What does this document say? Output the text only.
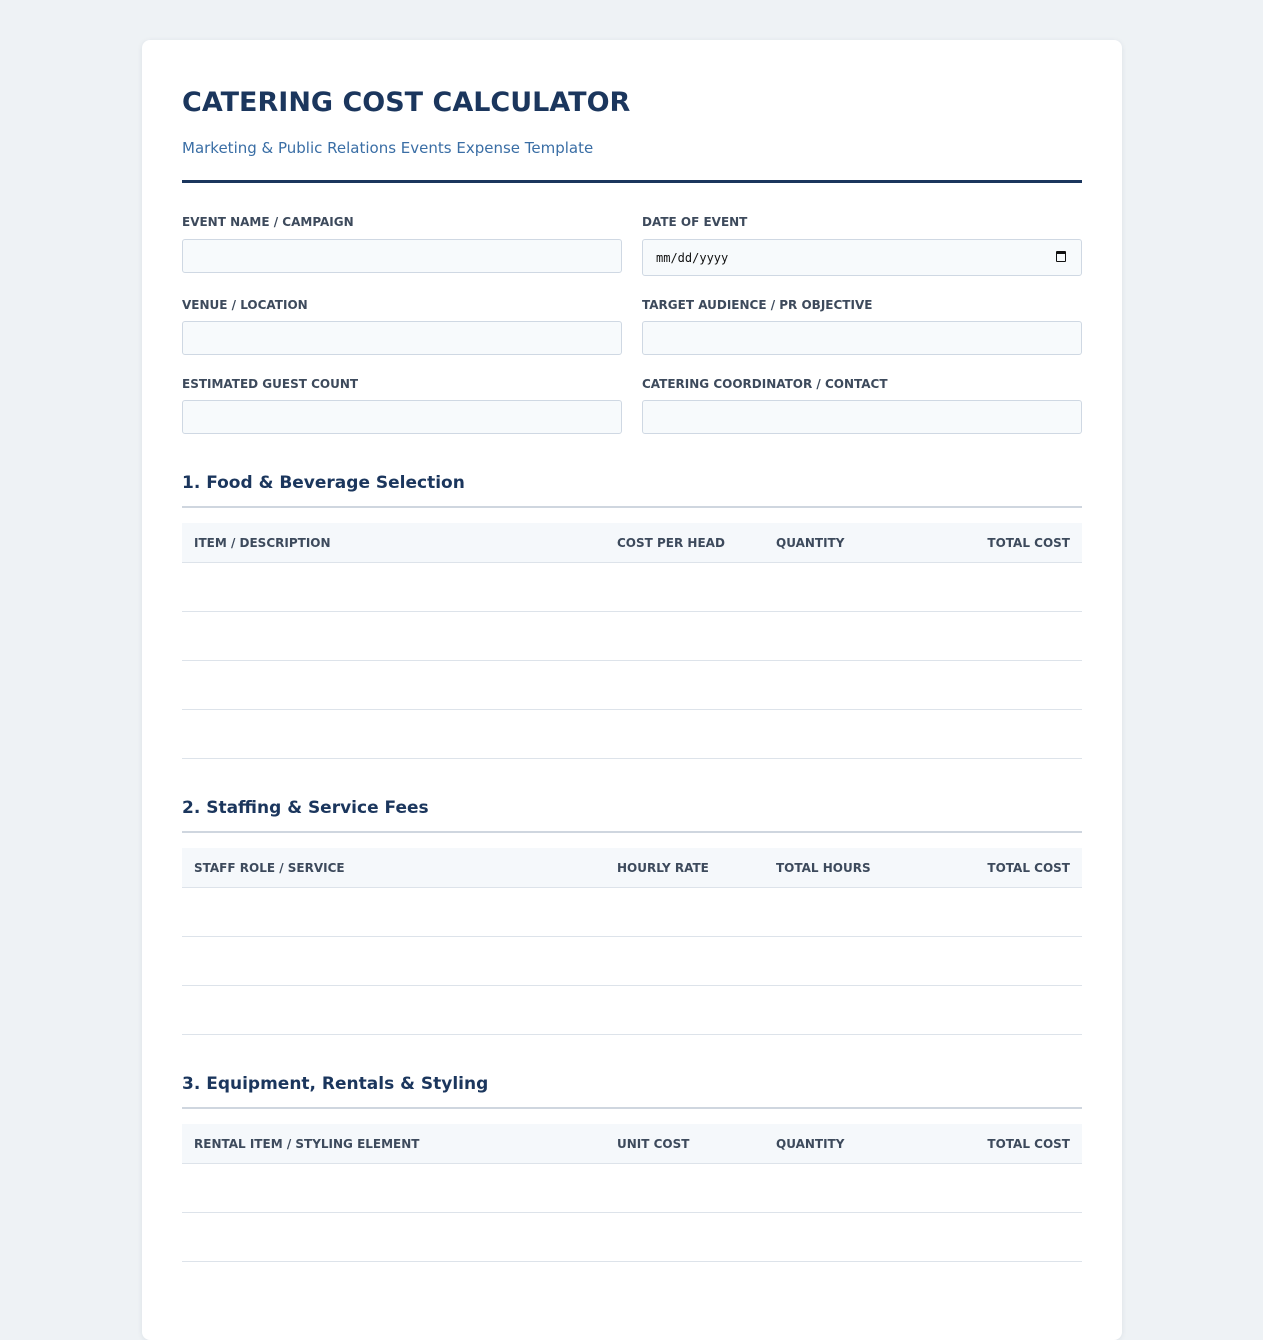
CATERING COST CALCULATOR
Marketing & Public Relations Events Expense Template
EVENT NAME / CAMPAIGN	DATE OF EVENT
mm/dd/yyyy
VENUE / LOCATION	TARGET AUDIENCE / PR OBJECTIVE
ESTIMATED GUEST COUNT	CATERING COORDINATOR / CONTACT
1. Food & Beverage Selection
ITEM / DESCRIPTION	COST PER HEAD	QUANTITY	TOTAL COST
2. Staffing & Service Fees
STAFF ROLE / SERVICE	HOURLY RATE	TOTAL HOURS	TOTAL COST
3. Equipment, Rentals & Styling
RENTAL ITEM / STYLING ELEMENT	UNIT COST	QUANTITY	TOTAL COST
